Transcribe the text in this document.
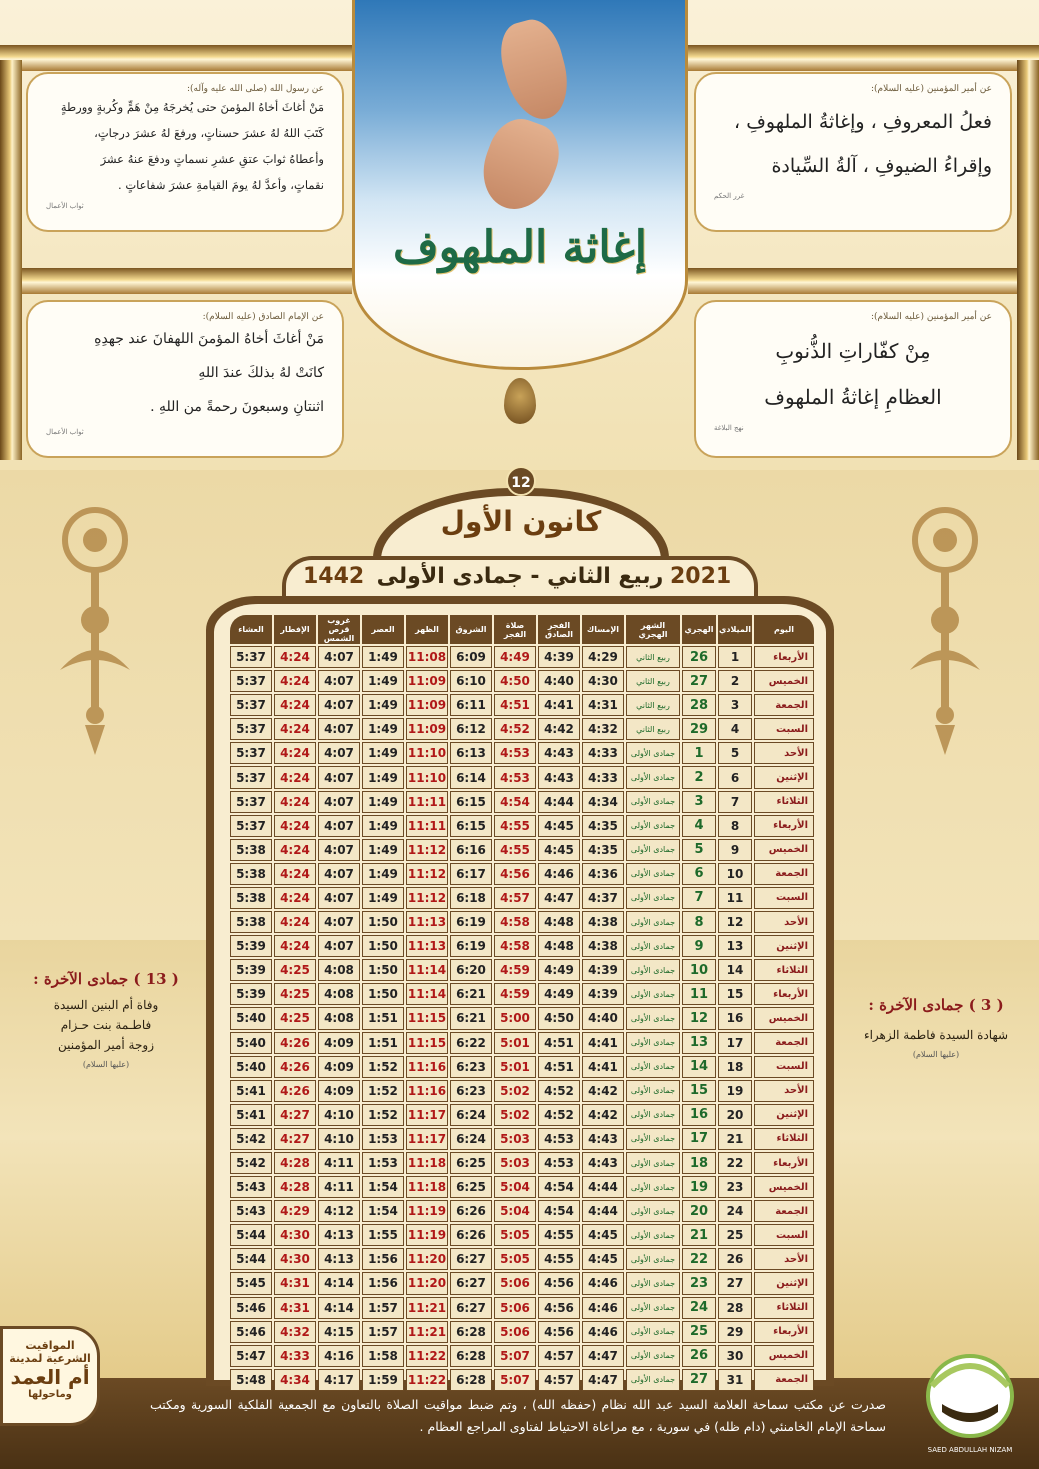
عن رسول الله (صلى الله عليه وآله):
مَنْ أغاثَ أخاهُ المؤمنَ حتى يُخرجَهُ مِنْ هَمٍّ وكُربةٍ وورطةٍ
كَتَبَ اللهُ لهُ عشرَ حسناتٍ، ورفعَ لهُ عشرَ درجاتٍ،
وأعطاهُ ثوابَ عتقِ عشرِ نسماتٍ ودفعَ عنهُ عشرَ
نقماتٍ، وأعدَّ لهُ يومَ القيامةِ عشرَ شفاعاتٍ .
ثواب الأعمال
عن أمير المؤمنين (عليه السلام):
فعلُ المعروفِ ، وإغاثةُ الملهوفِ ،
وإقراءُ الضيوفِ ، آلةُ السِّيادة
غرر الحكم
عن الإمام الصادق (عليه السلام):
مَنْ أغاثَ أخاهُ المؤمنَ اللهفانَ عند جهدِهِ
كانَتْ لهُ بذلكَ عندَ اللهِ
اثنتانِ وسبعونَ رحمةً من اللهِ .
ثواب الأعمال
عن أمير المؤمنين (عليه السلام):
مِنْ كفّاراتِ الذُّنوبِ
العظامِ إغاثةُ الملهوف
نهج البلاغة
إغاثة الملهوف
12
كانون الأول
2021
ربيع الثاني - جمادى الأولى
1442
اليوم	الميلادي	الهجري	الشهر الهجري	الإمساك	الفجر الصادق	صلاة الفجر	الشروق	الظهر	العصر	غروب قرص الشمس	الإفطار	العشاء
الأربعاء	1	26	ربيع الثاني	4:29	4:39	4:49	6:09	11:08	1:49	4:07	4:24	5:37
الخميس	2	27	ربيع الثاني	4:30	4:40	4:50	6:10	11:09	1:49	4:07	4:24	5:37
الجمعة	3	28	ربيع الثاني	4:31	4:41	4:51	6:11	11:09	1:49	4:07	4:24	5:37
السبت	4	29	ربيع الثاني	4:32	4:42	4:52	6:12	11:09	1:49	4:07	4:24	5:37
الأحد	5	1	جمادى الأولى	4:33	4:43	4:53	6:13	11:10	1:49	4:07	4:24	5:37
الإثنين	6	2	جمادى الأولى	4:33	4:43	4:53	6:14	11:10	1:49	4:07	4:24	5:37
الثلاثاء	7	3	جمادى الأولى	4:34	4:44	4:54	6:15	11:11	1:49	4:07	4:24	5:37
الأربعاء	8	4	جمادى الأولى	4:35	4:45	4:55	6:15	11:11	1:49	4:07	4:24	5:37
الخميس	9	5	جمادى الأولى	4:35	4:45	4:55	6:16	11:12	1:49	4:07	4:24	5:38
الجمعة	10	6	جمادى الأولى	4:36	4:46	4:56	6:17	11:12	1:49	4:07	4:24	5:38
السبت	11	7	جمادى الأولى	4:37	4:47	4:57	6:18	11:12	1:49	4:07	4:24	5:38
الأحد	12	8	جمادى الأولى	4:38	4:48	4:58	6:19	11:13	1:50	4:07	4:24	5:38
الإثنين	13	9	جمادى الأولى	4:38	4:48	4:58	6:19	11:13	1:50	4:07	4:24	5:39
الثلاثاء	14	10	جمادى الأولى	4:39	4:49	4:59	6:20	11:14	1:50	4:08	4:25	5:39
الأربعاء	15	11	جمادى الأولى	4:39	4:49	4:59	6:21	11:14	1:50	4:08	4:25	5:39
الخميس	16	12	جمادى الأولى	4:40	4:50	5:00	6:21	11:15	1:51	4:08	4:25	5:40
الجمعة	17	13	جمادى الأولى	4:41	4:51	5:01	6:22	11:15	1:51	4:09	4:26	5:40
السبت	18	14	جمادى الأولى	4:41	4:51	5:01	6:23	11:16	1:52	4:09	4:26	5:40
الأحد	19	15	جمادى الأولى	4:42	4:52	5:02	6:23	11:16	1:52	4:09	4:26	5:41
الإثنين	20	16	جمادى الأولى	4:42	4:52	5:02	6:24	11:17	1:52	4:10	4:27	5:41
الثلاثاء	21	17	جمادى الأولى	4:43	4:53	5:03	6:24	11:17	1:53	4:10	4:27	5:42
الأربعاء	22	18	جمادى الأولى	4:43	4:53	5:03	6:25	11:18	1:53	4:11	4:28	5:42
الخميس	23	19	جمادى الأولى	4:44	4:54	5:04	6:25	11:18	1:54	4:11	4:28	5:43
الجمعة	24	20	جمادى الأولى	4:44	4:54	5:04	6:26	11:19	1:54	4:12	4:29	5:43
السبت	25	21	جمادى الأولى	4:45	4:55	5:05	6:26	11:19	1:55	4:13	4:30	5:44
الأحد	26	22	جمادى الأولى	4:45	4:55	5:05	6:27	11:20	1:56	4:13	4:30	5:44
الإثنين	27	23	جمادى الأولى	4:46	4:56	5:06	6:27	11:20	1:56	4:14	4:31	5:45
الثلاثاء	28	24	جمادى الأولى	4:46	4:56	5:06	6:27	11:21	1:57	4:14	4:31	5:46
الأربعاء	29	25	جمادى الأولى	4:46	4:56	5:06	6:28	11:21	1:57	4:15	4:32	5:46
الخميس	30	26	جمادى الأولى	4:47	4:57	5:07	6:28	11:22	1:58	4:16	4:33	5:47
الجمعة	31	27	جمادى الأولى	4:47	4:57	5:07	6:28	11:22	1:59	4:17	4:34	5:48
( 13 ) جمادى الآخرة :
وفاة أم البنين السيدة
فاطـمة بنت حـزام
زوجة أمير المؤمنين
(عليها السلام)
( 3 ) جمادى الآخرة :
شهادة السيدة فاطمة الزهراء
(عليها السلام)
المواقيت
الشرعية لمدينة
أم العمد
وماحولها
صدرت عن مكتب سماحة العلامة السيد عبد الله نظام (حفظه الله) ، وتم ضبط مواقيت الصلاة بالتعاون مع الجمعية الفلكية السورية ومكتب سماحة الإمام الخامنئي (دام ظله) في سورية ، مع مراعاة الاحتياط لفتاوى المراجع العظام .
SAED ABDULLAH NIZAM
